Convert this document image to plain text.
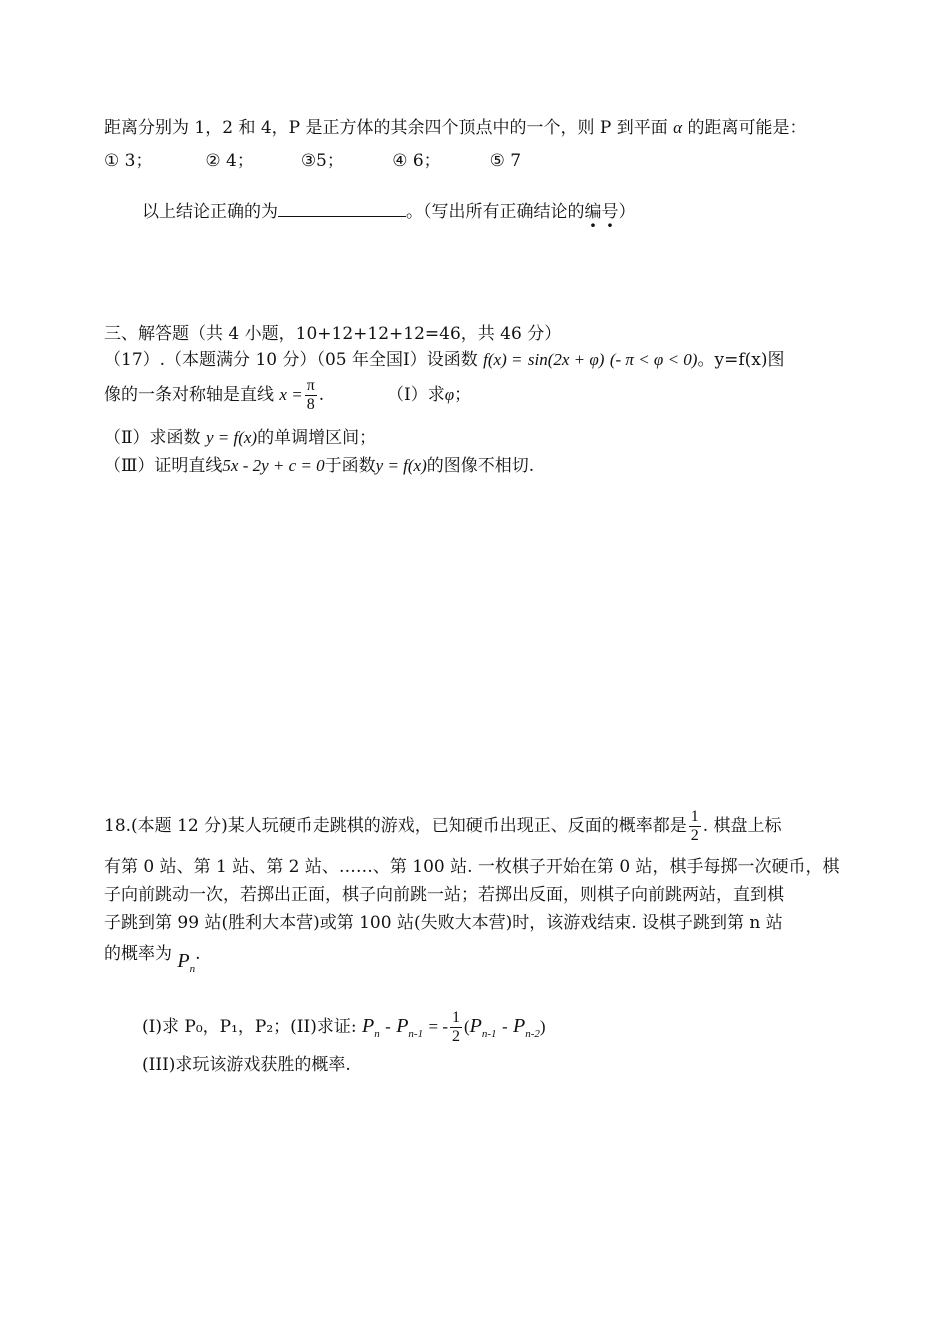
距离分别为 1，2 和 4，P 是正方体的其余四个顶点中的一个，则 P 到平面 α 的距离可能是：
① 3；	② 4；	③5；	④ 6；	⑤ 7
以上结论正确的为	。（写出所有正确结论的编号）
三、解答题（共 4 小题，10+12+12+12=46，共 46 分）
（17）.（本题满分 10 分）（05 年全国Ⅰ）设函数 f(x) = sin(2x + φ) (- π < φ < 0)。y=f(x)图
像的一条对称轴是直线 $x = \frac{\pi}{8}$ .	（Ⅰ）求φ；
（Ⅱ）求函数 y = f(x)的单调增区间；
（Ⅲ）证明直线5x - 2y + c = 0于函数y = f(x)的图像不相切.
18.(本题 12 分)某人玩硬币走跳棋的游戏，已知硬币出现正、反面的概率都是 $\frac{1}{2}$ . 棋盘上标
有第 0 站、第 1 站、第 2 站、……、第 100 站. 一枚棋子开始在第 0 站，棋手每掷一次硬币，棋
子向前跳动一次，若掷出正面，棋子向前跳一站；若掷出反面，则棋子向前跳两站，直到棋
子跳到第 99 站(胜利大本营)或第 100 站(失败大本营)时，该游戏结束. 设棋子跳到第 n 站
的概率为 $P_n$.
(I)求 P₀，P₁，P₂；(II)求证: $P_n - P_{n-1}$ = - $\frac{1}{2} (P_{n-1} - P_{n-2})$
(III)求玩该游戏获胜的概率.
